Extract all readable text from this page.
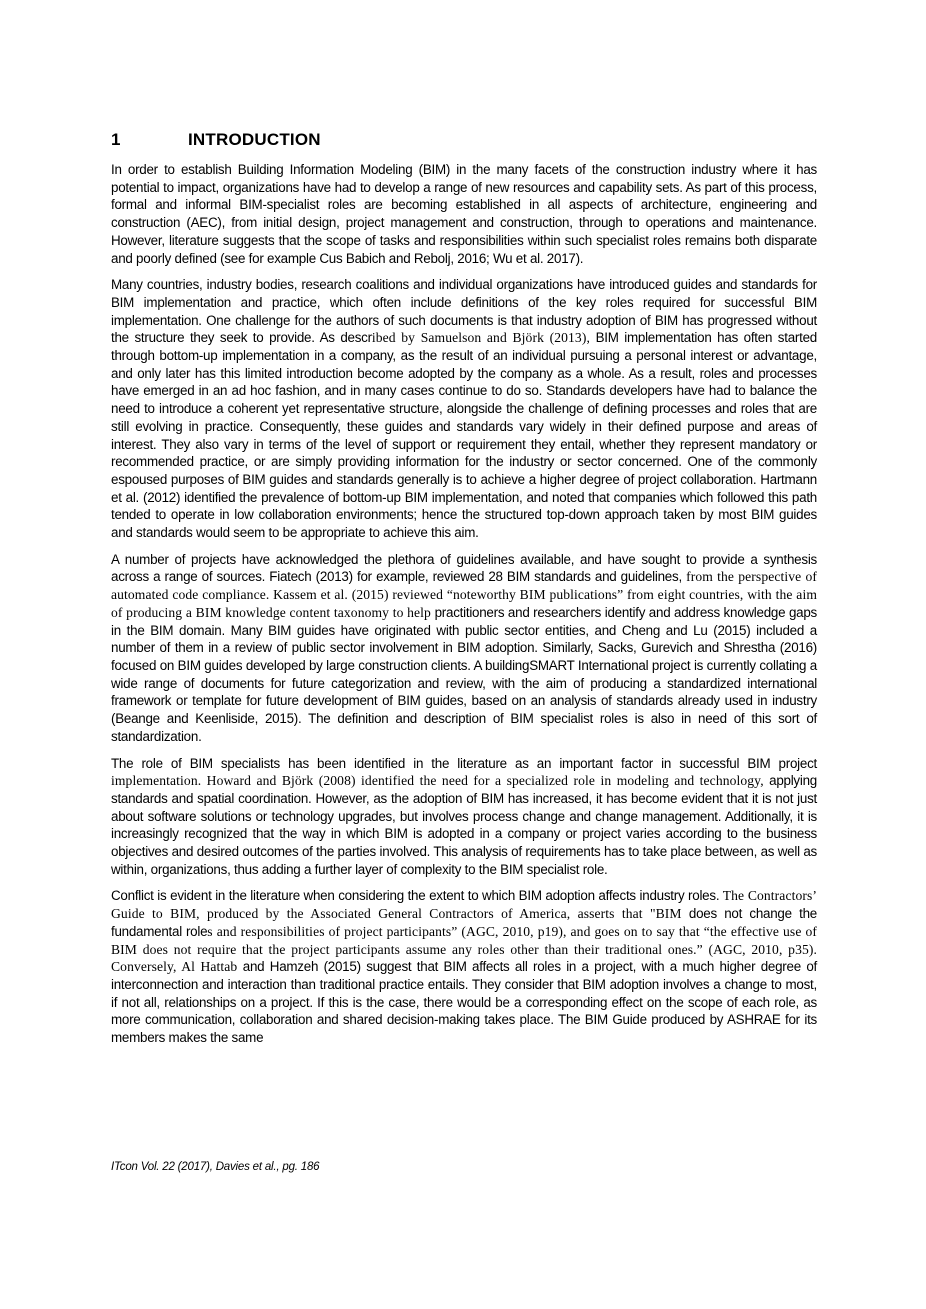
1	INTRODUCTION

In order to establish Building Information Modeling (BIM) in the many facets of the construction industry where it has potential to impact, organizations have had to develop a range of new resources and capability sets. As part of this process, formal and informal BIM-specialist roles are becoming established in all aspects of architecture, engineering and construction (AEC), from initial design, project management and construction, through to operations and maintenance. However, literature suggests that the scope of tasks and responsibilities within such specialist roles remains both disparate and poorly defined (see for example Cus Babich and Rebolj, 2016; Wu et al. 2017).

Many countries, industry bodies, research coalitions and individual organizations have introduced guides and standards for BIM implementation and practice, which often include definitions of the key roles required for successful BIM implementation. One challenge for the authors of such documents is that industry adoption of BIM has progressed without the structure they seek to provide. As described by Samuelson and Björk (2013), BIM implementation has often started through bottom-up implementation in a company, as the result of an individual pursuing a personal interest or advantage, and only later has this limited introduction become adopted by the company as a whole. As a result, roles and processes have emerged in an ad hoc fashion, and in many cases continue to do so. Standards developers have had to balance the need to introduce a coherent yet representative structure, alongside the challenge of defining processes and roles that are still evolving in practice. Consequently, these guides and standards vary widely in their defined purpose and areas of interest. They also vary in terms of the level of support or requirement they entail, whether they represent mandatory or recommended practice, or are simply providing information for the industry or sector concerned. One of the commonly espoused purposes of BIM guides and standards generally is to achieve a higher degree of project collaboration. Hartmann et al. (2012) identified the prevalence of bottom-up BIM implementation, and noted that companies which followed this path tended to operate in low collaboration environments; hence the structured top-down approach taken by most BIM guides and standards would seem to be appropriate to achieve this aim.

A number of projects have acknowledged the plethora of guidelines available, and have sought to provide a synthesis across a range of sources. Fiatech (2013) for example, reviewed 28 BIM standards and guidelines, from the perspective of automated code compliance. Kassem et al. (2015) reviewed “noteworthy BIM publications” from eight countries, with the aim of producing a BIM knowledge content taxonomy to help practitioners and researchers identify and address knowledge gaps in the BIM domain. Many BIM guides have originated with public sector entities, and Cheng and Lu (2015) included a number of them in a review of public sector involvement in BIM adoption. Similarly, Sacks, Gurevich and Shrestha (2016) focused on BIM guides developed by large construction clients. A buildingSMART International project is currently collating a wide range of documents for future categorization and review, with the aim of producing a standardized international framework or template for future development of BIM guides, based on an analysis of standards already used in industry (Beange and Keenliside, 2015). The definition and description of BIM specialist roles is also in need of this sort of standardization.

The role of BIM specialists has been identified in the literature as an important factor in successful BIM project implementation. Howard and Björk (2008) identified the need for a specialized role in modeling and technology, applying standards and spatial coordination. However, as the adoption of BIM has increased, it has become evident that it is not just about software solutions or technology upgrades, but involves process change and change management. Additionally, it is increasingly recognized that the way in which BIM is adopted in a company or project varies according to the business objectives and desired outcomes of the parties involved. This analysis of requirements has to take place between, as well as within, organizations, thus adding a further layer of complexity to the BIM specialist role.

Conflict is evident in the literature when considering the extent to which BIM adoption affects industry roles. The Contractors’ Guide to BIM, produced by the Associated General Contractors of America, asserts that "BIM does not change the fundamental roles and responsibilities of project participants” (AGC, 2010, p19), and goes on to say that “the effective use of BIM does not require that the project participants assume any roles other than their traditional ones.” (AGC, 2010, p35). Conversely, Al Hattab and Hamzeh (2015) suggest that BIM affects all roles in a project, with a much higher degree of interconnection and interaction than traditional practice entails. They consider that BIM adoption involves a change to most, if not all, relationships on a project. If this is the case, there would be a corresponding effect on the scope of each role, as more communication, collaboration and shared decision-making takes place. The BIM Guide produced by ASHRAE for its members makes the same

ITcon Vol. 22 (2017), Davies et al., pg. 186
